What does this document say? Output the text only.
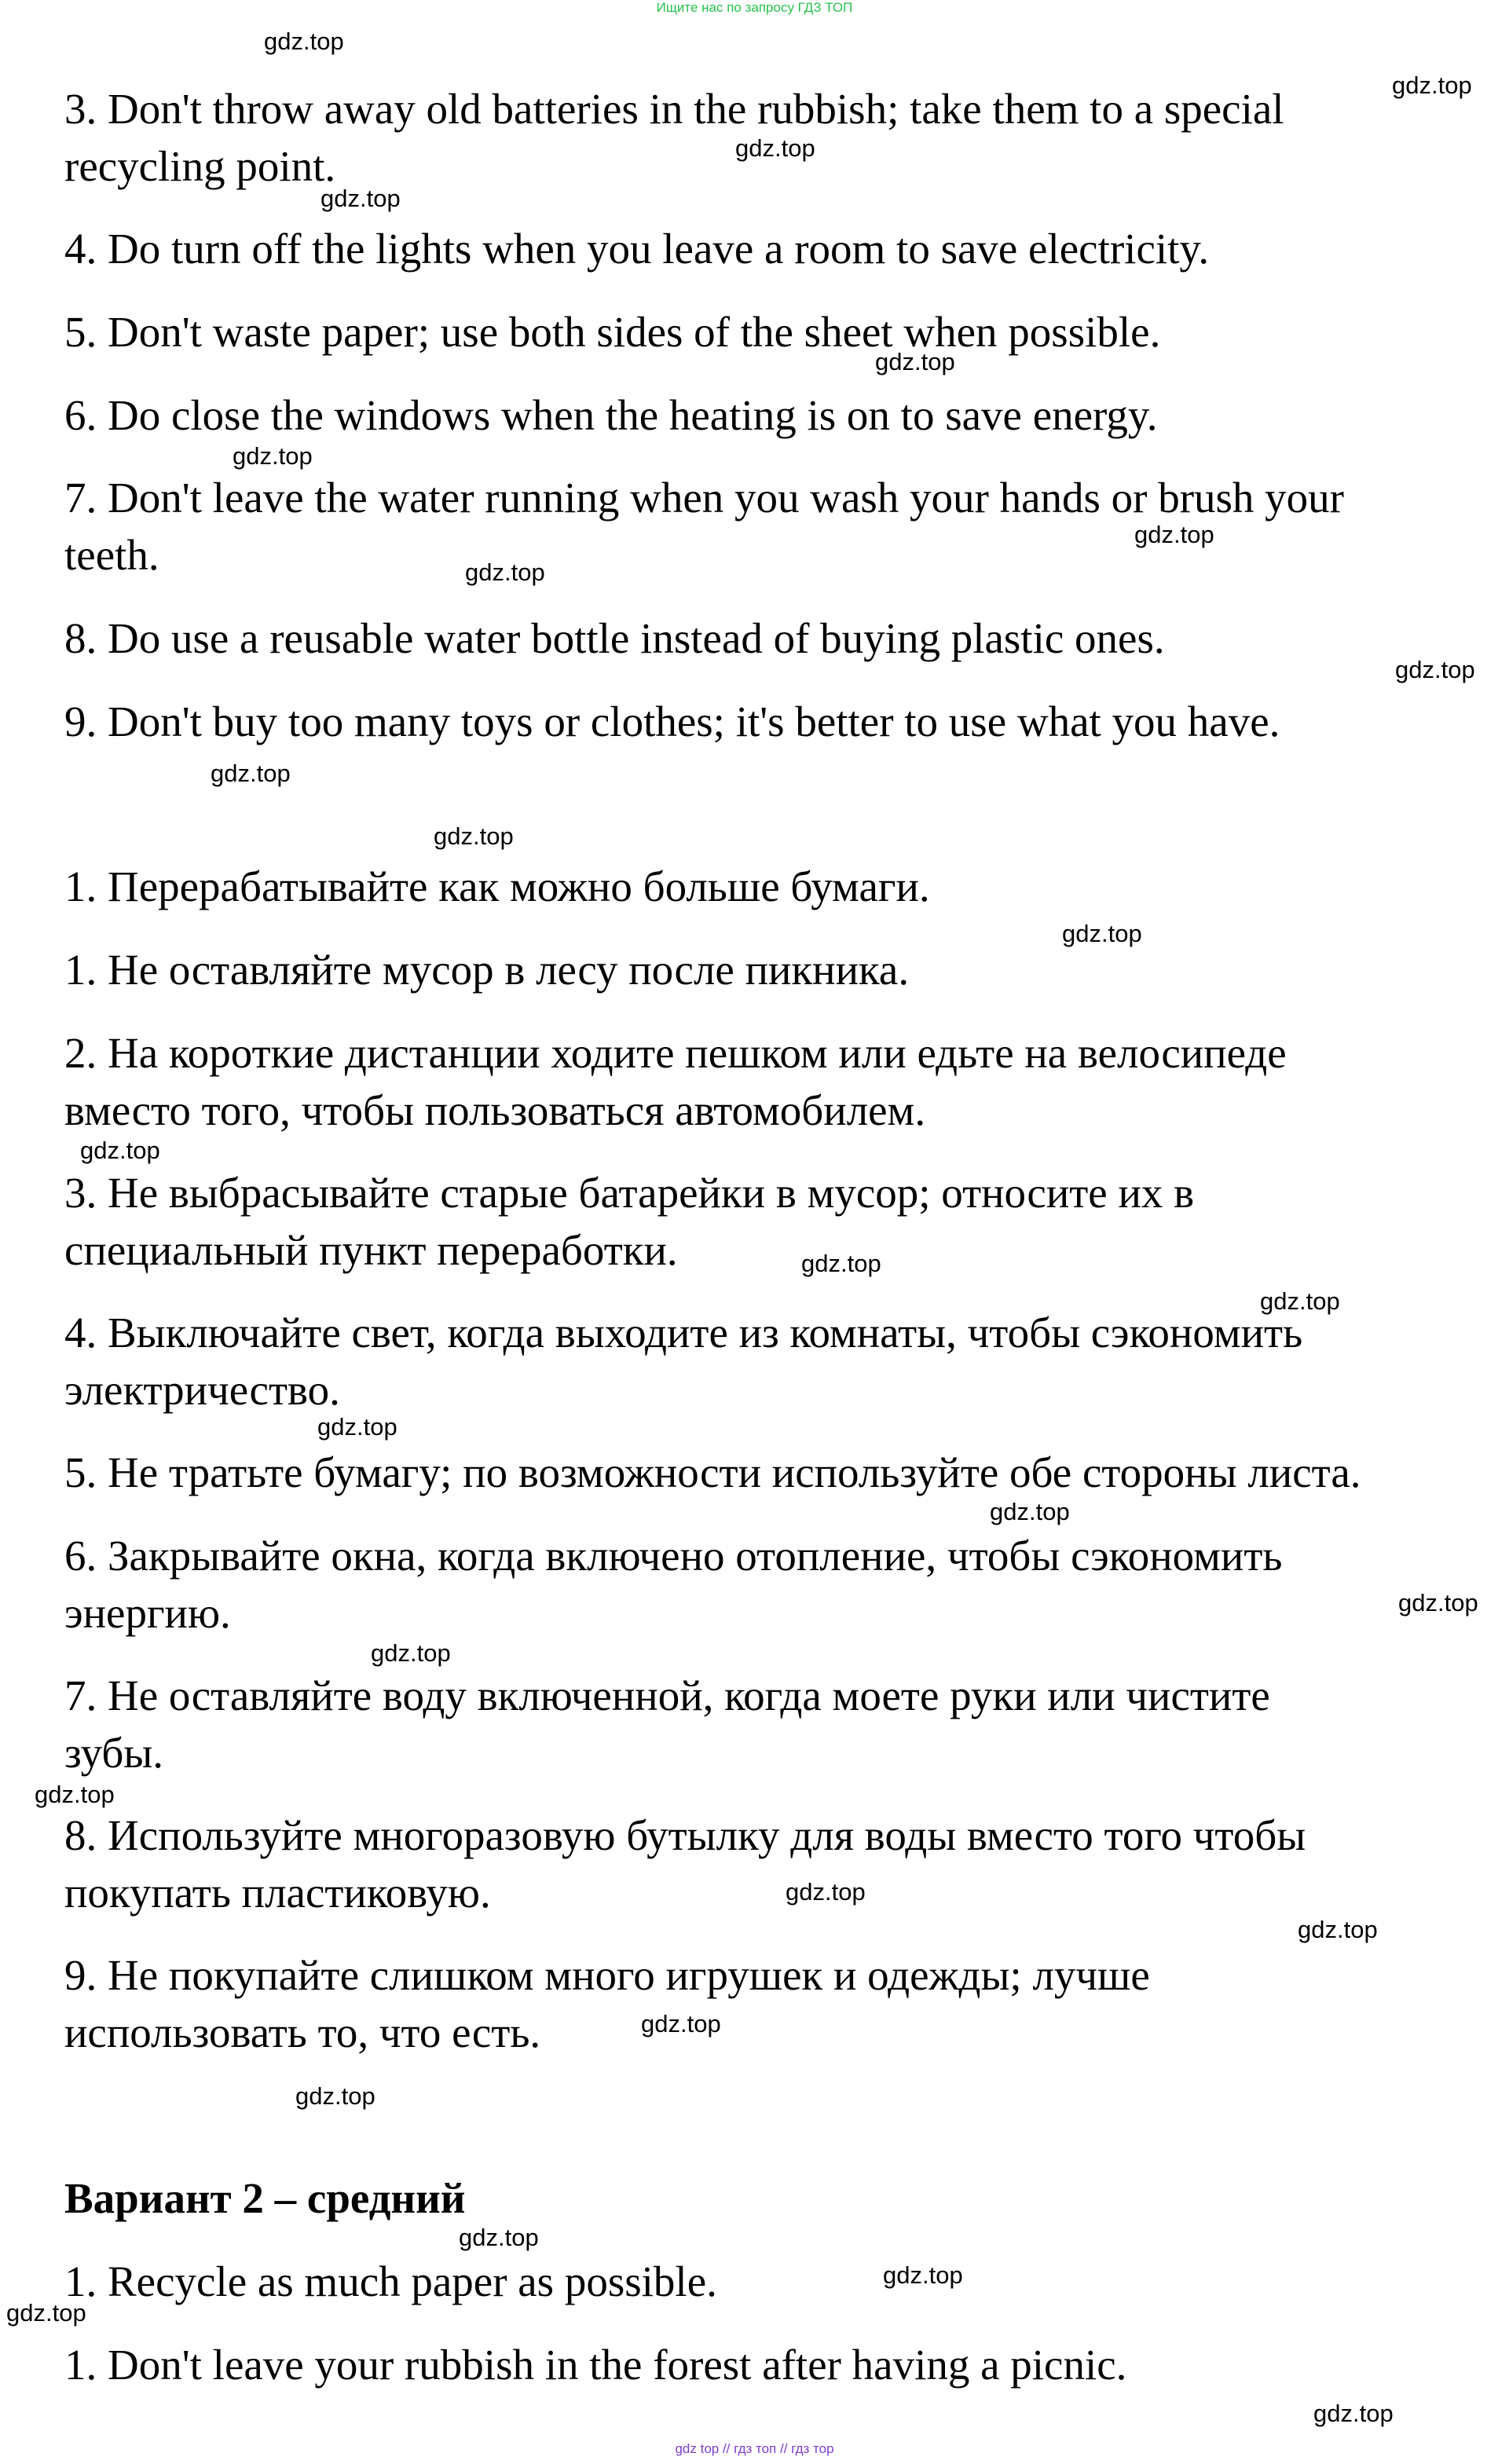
Ищите нас по запросу ГДЗ ТОП
3. Don't throw away old batteries in the rubbish; take them to a special
recycling point.
4. Do turn off the lights when you leave a room to save electricity.
5. Don't waste paper; use both sides of the sheet when possible.
6. Do close the windows when the heating is on to save energy.
7. Don't leave the water running when you wash your hands or brush your
teeth.
8. Do use a reusable water bottle instead of buying plastic ones.
9. Don't buy too many toys or clothes; it's better to use what you have.
1. Перерабатывайте как можно больше бумаги.
1. Не оставляйте мусор в лесу после пикника.
2. На короткие дистанции ходите пешком или едьте на велосипеде
вместо того, чтобы пользоваться автомобилем.
3. Не выбрасывайте старые батарейки в мусор; относите их в
специальный пункт переработки.
4. Выключайте свет, когда выходите из комнаты, чтобы сэкономить
электричество.
5. Не тратьте бумагу; по возможности используйте обе стороны листа.
6. Закрывайте окна, когда включено отопление, чтобы сэкономить
энергию.
7. Не оставляйте воду включенной, когда моете руки или чистите
зубы.
8. Используйте многоразовую бутылку для воды вместо того чтобы
покупать пластиковую.
9. Не покупайте слишком много игрушек и одежды; лучше
использовать то, что есть.
Вариант 2 – средний
1. Recycle as much paper as possible.
1. Don't leave your rubbish in the forest after having a picnic.
gdz.top
gdz.top
gdz.top
gdz.top
gdz.top
gdz.top
gdz.top
gdz.top
gdz.top
gdz.top
gdz.top
gdz.top
gdz.top
gdz.top
gdz.top
gdz.top
gdz.top
gdz.top
gdz.top
gdz.top
gdz.top
gdz.top
gdz.top
gdz.top
gdz.top
gdz.top
gdz.top
gdz.top
gdz top // гдз топ // гдз тор
